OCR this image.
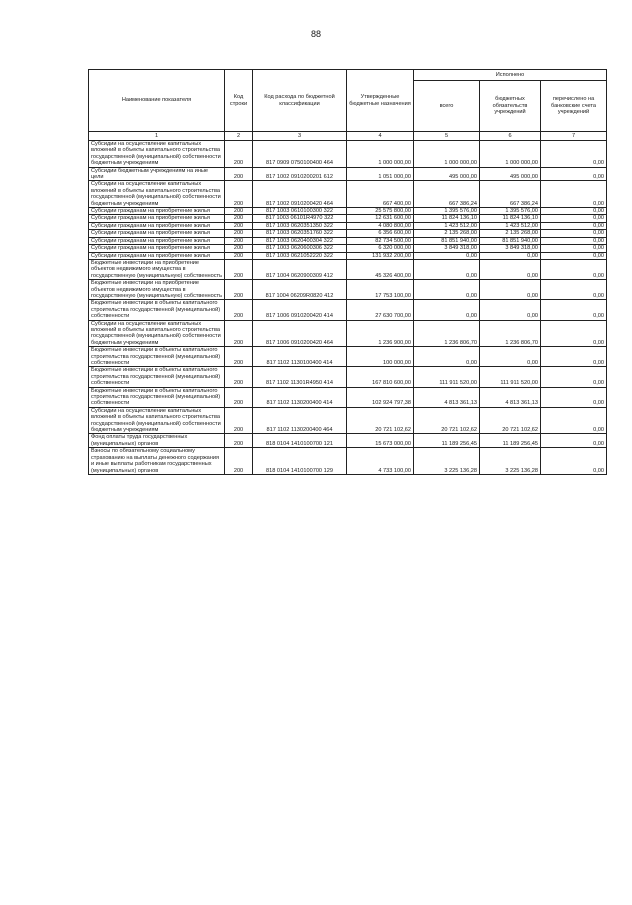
88
Наименование показателя	Код строки	Код расхода по бюджетной классификации	Утвержденные бюджетные назначения	Исполнено		
				всего	бюджетных обязательств учреждений	перечислено на банковские счета учреждений
1	2	3	4	5	6	7
Субсидии на осуществление капитальных вложений в объекты капитального строительства государственной (муниципальной) собственности бюджетным учреждениям	200	817 0909 0750100400 464	1 000 000,00	1 000 000,00	1 000 000,00	0,00
Субсидии бюджетным учреждениям на иные цели	200	817 1002 0910200201 612	1 051 000,00	495 000,00	495 000,00	0,00
Субсидии на осуществление капитальных вложений в объекты капитального строительства государственной (муниципальной) собственности бюджетным учреждениям	200	817 1002 0910200420 464	667 400,00	667 386,24	667 386,24	0,00
Субсидии гражданам на приобретение жилья	200	817 1003 0610100300 322	25 575 800,00	1 395 576,00	1 395 576,00	0,00
Субсидии гражданам на приобретение жилья	200	817 1003 06101R4970 322	12 631 600,00	11 824 136,10	11 824 136,10	0,00
Субсидии гражданам на приобретение жилья	200	817 1003 0620351350 322	4 080 800,00	1 423 512,00	1 423 512,00	0,00
Субсидии гражданам на приобретение жилья	200	817 1003 0620351760 322	6 356 600,00	2 135 268,00	2 135 268,00	0,00
Субсидии гражданам на приобретение жилья	200	817 1003 0620400304 322	82 734 500,00	81 851 940,00	81 851 940,00	0,00
Субсидии гражданам на приобретение жилья	200	817 1003 0620600306 322	6 320 000,00	3 849 318,00	3 849 318,00	0,00
Субсидии гражданам на приобретение жилья	200	817 1003 0621052220 322	131 932 200,00	0,00	0,00	0,00
Бюджетные инвестиции на приобретение объектов недвижимого имущества в государственную (муниципальную) собственность	200	817 1004 0620900309 412	45 326 400,00	0,00	0,00	0,00
Бюджетные инвестиции на приобретение объектов недвижимого имущества в государственную (муниципальную) собственность	200	817 1004 06209R0820 412	17 753 100,00	0,00	0,00	0,00
Бюджетные инвестиции в объекты капитального строительства государственной (муниципальной) собственности	200	817 1006 0910200420 414	27 630 700,00	0,00	0,00	0,00
Субсидии на осуществление капитальных вложений в объекты капитального строительства государственной (муниципальной) собственности бюджетным учреждениям	200	817 1006 0910200420 464	1 236 900,00	1 236 806,70	1 236 806,70	0,00
Бюджетные инвестиции в объекты капитального строительства государственной (муниципальной) собственности	200	817 1102 1130100400 414	100 000,00	0,00	0,00	0,00
Бюджетные инвестиции в объекты капитального строительства государственной (муниципальной) собственности	200	817 1102 11301R4950 414	167 810 600,00	111 911 520,00	111 911 520,00	0,00
Бюджетные инвестиции в объекты капитального строительства государственной (муниципальной) собственности	200	817 1102 1130200400 414	102 924 797,38	4 813 361,13	4 813 361,13	0,00
Субсидии на осуществление капитальных вложений в объекты капитального строительства государственной (муниципальной) собственности бюджетным учреждениям	200	817 1102 1130200400 464	20 721 102,62	20 721 102,62	20 721 102,62	0,00
Фонд оплаты труда государственных (муниципальных) органов	200	818 0104 1410100700 121	15 673 000,00	11 189 256,45	11 189 256,45	0,00
Взносы по обязательному социальному страхованию на выплаты денежного содержания и иные выплаты работникам государственных (муниципальных) органов	200	818 0104 1410100700 129	4 733 100,00	3 225 136,28	3 225 136,28	0,00
